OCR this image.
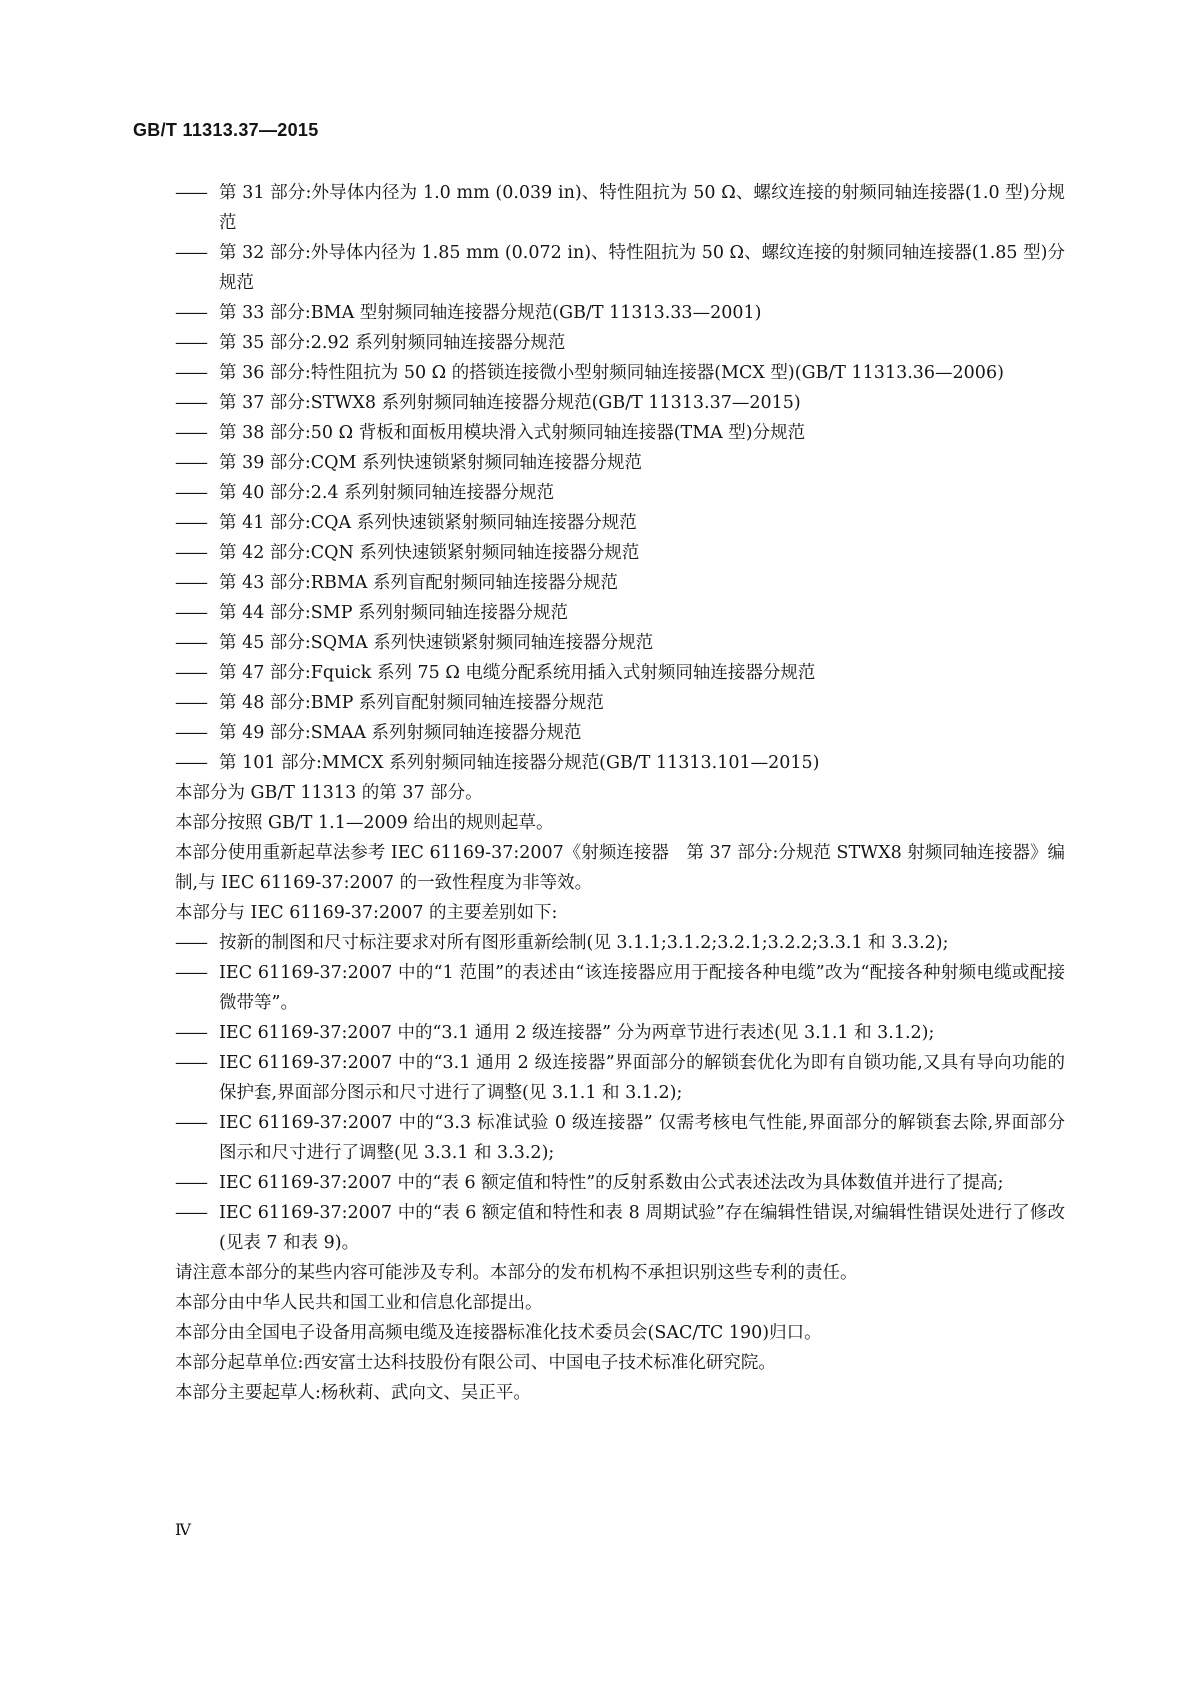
GB/T 11313.37—2015
—— 第 31 部分:外导体内径为 1.0 mm (0.039 in)、特性阻抗为 50 Ω、螺纹连接的射频同轴连接器(1.0 型)分规范
—— 第 32 部分:外导体内径为 1.85 mm (0.072 in)、特性阻抗为 50 Ω、螺纹连接的射频同轴连接器(1.85 型)分规范
—— 第 33 部分:BMA 型射频同轴连接器分规范(GB/T 11313.33—2001)
—— 第 35 部分:2.92 系列射频同轴连接器分规范
—— 第 36 部分:特性阻抗为 50 Ω 的搭锁连接微小型射频同轴连接器(MCX 型)(GB/T 11313.36—2006)
—— 第 37 部分:STWX8 系列射频同轴连接器分规范(GB/T 11313.37—2015)
—— 第 38 部分:50 Ω 背板和面板用模块滑入式射频同轴连接器(TMA 型)分规范
—— 第 39 部分:CQM 系列快速锁紧射频同轴连接器分规范
—— 第 40 部分:2.4 系列射频同轴连接器分规范
—— 第 41 部分:CQA 系列快速锁紧射频同轴连接器分规范
—— 第 42 部分:CQN 系列快速锁紧射频同轴连接器分规范
—— 第 43 部分:RBMA 系列盲配射频同轴连接器分规范
—— 第 44 部分:SMP 系列射频同轴连接器分规范
—— 第 45 部分:SQMA 系列快速锁紧射频同轴连接器分规范
—— 第 47 部分:Fquick 系列 75 Ω 电缆分配系统用插入式射频同轴连接器分规范
—— 第 48 部分:BMP 系列盲配射频同轴连接器分规范
—— 第 49 部分:SMAA 系列射频同轴连接器分规范
—— 第 101 部分:MMCX 系列射频同轴连接器分规范(GB/T 11313.101—2015)
本部分为 GB/T 11313 的第 37 部分。
本部分按照 GB/T 1.1—2009 给出的规则起草。
本部分使用重新起草法参考 IEC 61169-37:2007《射频连接器　第 37 部分:分规范 STWX8 射频同轴连接器》编制,与 IEC 61169-37:2007 的一致性程度为非等效。
本部分与 IEC 61169-37:2007 的主要差别如下:
—— 按新的制图和尺寸标注要求对所有图形重新绘制(见 3.1.1;3.1.2;3.2.1;3.2.2;3.3.1 和 3.3.2);
—— IEC 61169-37:2007 中的“1 范围”的表述由“该连接器应用于配接各种电缆”改为“配接各种射频电缆或配接微带等”。
—— IEC 61169-37:2007 中的“3.1 通用 2 级连接器” 分为两章节进行表述(见 3.1.1 和 3.1.2);
—— IEC 61169-37:2007 中的“3.1 通用 2 级连接器”界面部分的解锁套优化为即有自锁功能,又具有导向功能的保护套,界面部分图示和尺寸进行了调整(见 3.1.1 和 3.1.2);
—— IEC 61169-37:2007 中的“3.3 标准试验 0 级连接器” 仅需考核电气性能,界面部分的解锁套去除,界面部分图示和尺寸进行了调整(见 3.3.1 和 3.3.2);
—— IEC 61169-37:2007 中的“表 6 额定值和特性”的反射系数由公式表述法改为具体数值并进行了提高;
—— IEC 61169-37:2007 中的“表 6 额定值和特性和表 8 周期试验”存在编辑性错误,对编辑性错误处进行了修改(见表 7 和表 9)。
请注意本部分的某些内容可能涉及专利。本部分的发布机构不承担识别这些专利的责任。
本部分由中华人民共和国工业和信息化部提出。
本部分由全国电子设备用高频电缆及连接器标准化技术委员会(SAC/TC 190)归口。
本部分起草单位:西安富士达科技股份有限公司、中国电子技术标准化研究院。
本部分主要起草人:杨秋莉、武向文、吴正平。
Ⅳ
